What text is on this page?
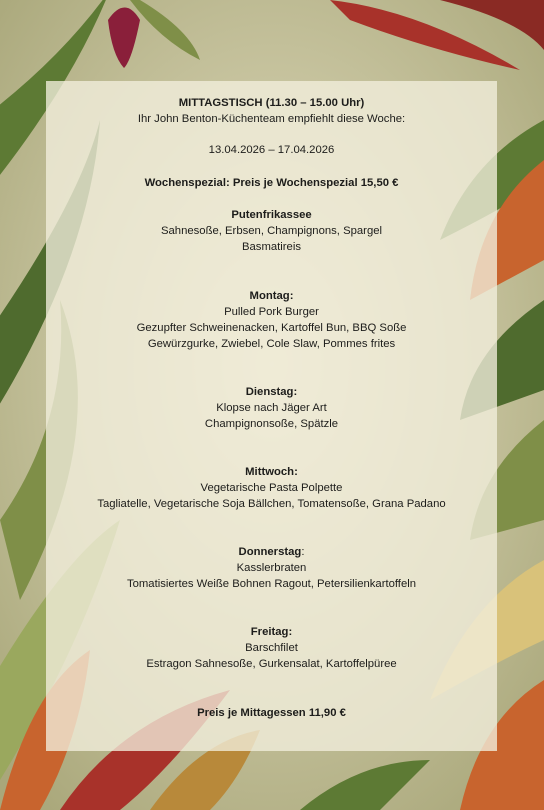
MITTAGSTISCH (11.30 – 15.00 Uhr)
Ihr John Benton-Küchenteam empfiehlt diese Woche:
13.04.2026 – 17.04.2026
Wochenspezial: Preis je Wochenspezial 15,50 €
Putenfrikassee
Sahnesoße, Erbsen, Champignons, Spargel
Basmatireis
Montag:
Pulled Pork Burger
Gezupfter Schweinenacken, Kartoffel Bun, BBQ Soße
Gewürzgurke, Zwiebel, Cole Slaw, Pommes frites
Dienstag:
Klopse nach Jäger Art
Champignonsoße, Spätzle
Mittwoch:
Vegetarische Pasta Polpette
Tagliatelle, Vegetarische Soja Bällchen, Tomatensoße, Grana Padano
Donnerstag:
Kasslerbraten
Tomatisiertes Weiße Bohnen Ragout, Petersilienkartoffeln
Freitag:
Barschfilet
Estragon Sahnesoße, Gurkensalat, Kartoffelpüree
Preis je Mittagessen 11,90 €
